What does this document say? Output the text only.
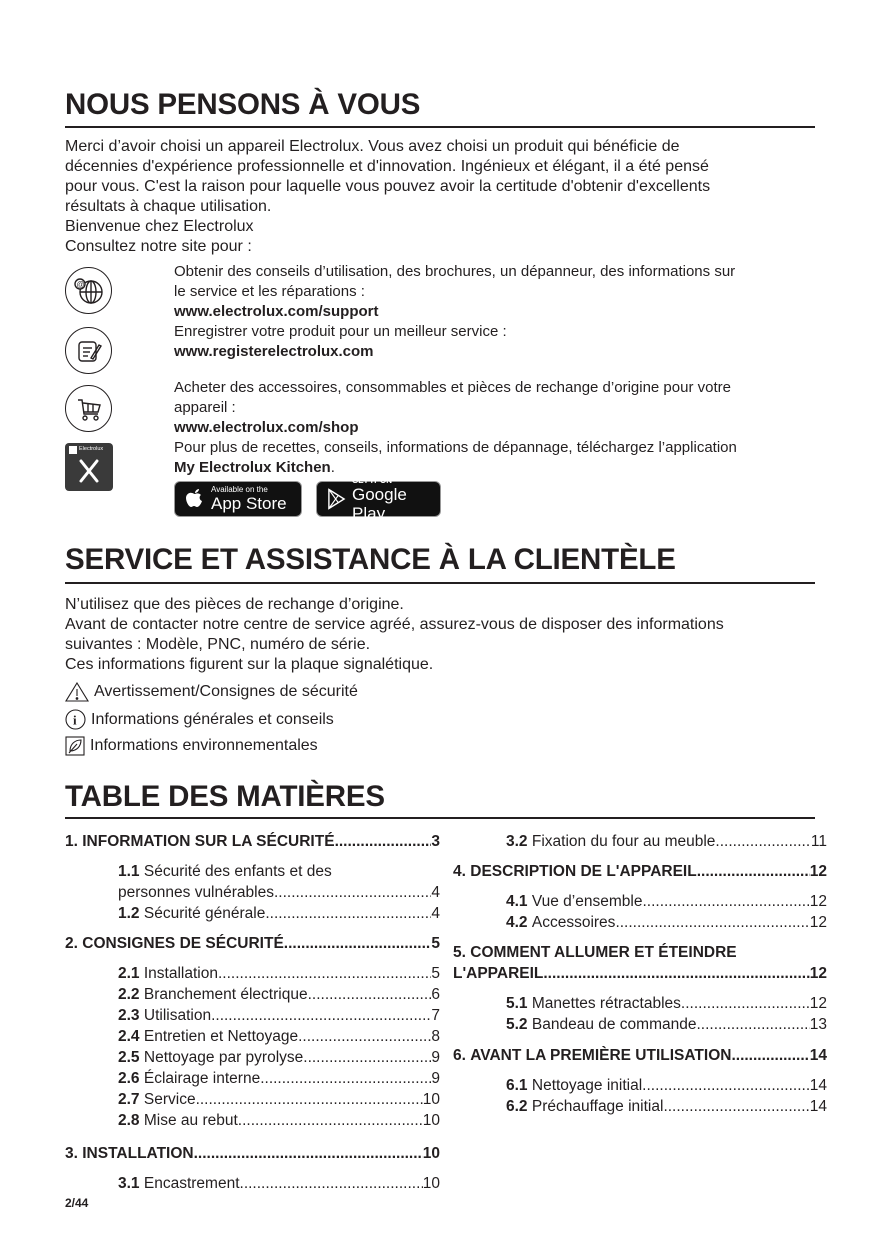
NOUS PENSONS À VOUS
Merci d’avoir choisi un appareil Electrolux. Vous avez choisi un produit qui bénéficie de
décennies d'expérience professionnelle et d'innovation. Ingénieux et élégant, il a été pensé
pour vous. C'est la raison pour laquelle vous pouvez avoir la certitude d'obtenir d'excellents
résultats à chaque utilisation.
Bienvenue chez Electrolux
Consultez notre site pour :
@
Electrolux
Obtenir des conseils d’utilisation, des brochures, un dépanneur, des informations sur
le service et les réparations :
www.electrolux.com/support
Enregistrer votre produit pour un meilleur service :
www.registerelectrolux.com
Acheter des accessoires, consommables et pièces de rechange d’origine pour votre
appareil :
www.electrolux.com/shop
Pour plus de recettes, conseils, informations de dépannage, téléchargez l’application
My Electrolux Kitchen.
Available on the
App Store
GET IT ON
Google Play
SERVICE ET ASSISTANCE À LA CLIENTÈLE
N’utilisez que des pièces de rechange d’origine.
Avant de contacter notre centre de service agréé, assurez-vous de disposer des informations
suivantes : Modèle, PNC, numéro de série.
Ces informations figurent sur la plaque signalétique.
Avertissement/Consignes de sécurité
i Informations générales et conseils
Informations environnementales
TABLE DES MATIÈRES
1.
INFORMATION SUR LA SÉCURITÉ .....	3
1.1
Sécurité des enfants et des
personnes vulnérables .....	4
1.2
Sécurité générale .....	4
2.
CONSIGNES DE SÉCURITÉ .....	5
2.1
Installation .....	5
2.2
Branchement électrique .....	6
2.3
Utilisation .....	7
2.4
Entretien et Nettoyage .....	8
2.5
Nettoyage par pyrolyse .....	9
2.6
Éclairage interne .....	9
2.7
Service .....	10
2.8
Mise au rebut .....	10
3.
INSTALLATION .....	10
3.1
Encastrement .....	10
3.2
Fixation du four au meuble .....	11
4.
DESCRIPTION DE L'APPAREIL .....	12
4.1
Vue d’ensemble .....	12
4.2
Accessoires .....	12
5.
COMMENT ALLUMER ET ÉTEINDRE
L'APPAREIL .....	12
5.1
Manettes rétractables .....	12
5.2
Bandeau de commande .....	13
6.
AVANT LA PREMIÈRE UTILISATION .....	14
6.1
Nettoyage initial .....	14
6.2
Préchauffage initial .....	14
2/44
